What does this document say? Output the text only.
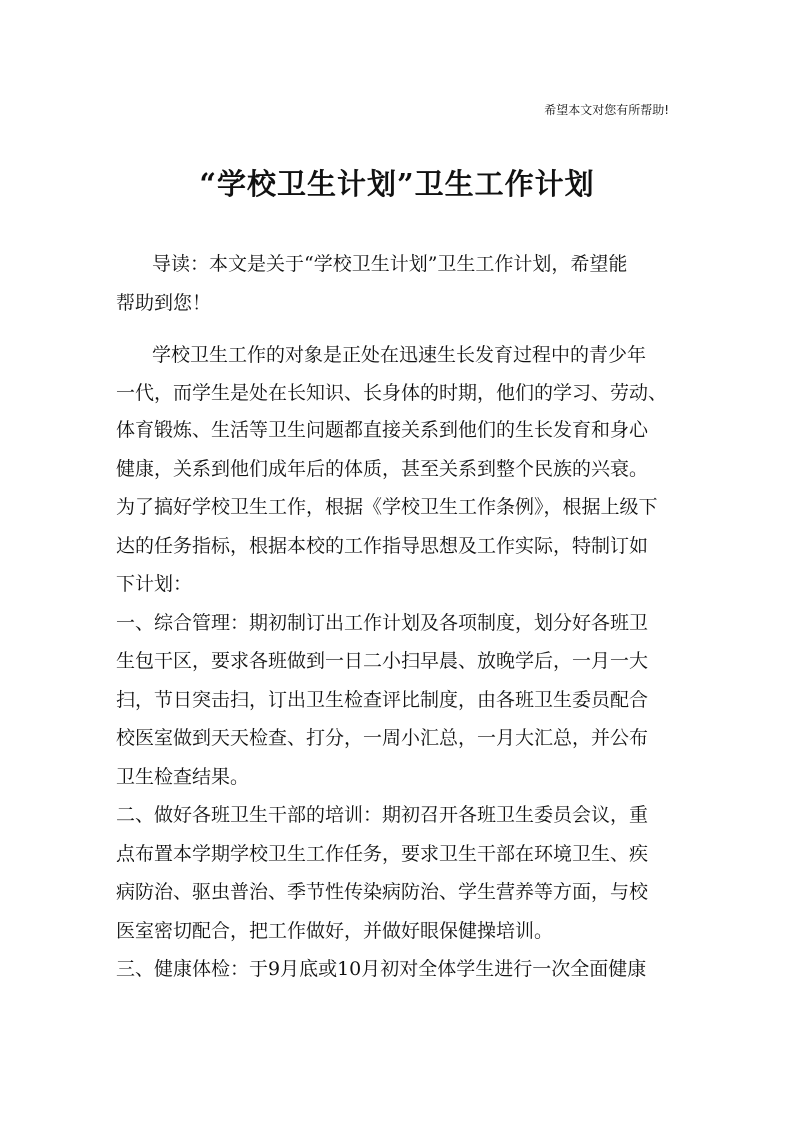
希望本文对您有所帮助!
“学校卫生计划”卫生工作计划
导读：本文是关于“学校卫生计划”卫生工作计划，希望能
帮助到您！
学校卫生工作的对象是正处在迅速生长发育过程中的青少年
一代，而学生是处在长知识、长身体的时期，他们的学习、劳动、
体育锻炼、生活等卫生问题都直接关系到他们的生长发育和身心
健康，关系到他们成年后的体质，甚至关系到整个民族的兴衰。
为了搞好学校卫生工作，根据《学校卫生工作条例》，根据上级下
达的任务指标，根据本校的工作指导思想及工作实际，特制订如
下计划：
一、综合管理：期初制订出工作计划及各项制度，划分好各班卫
生包干区，要求各班做到一日二小扫早晨、放晚学后，一月一大
扫，节日突击扫，订出卫生检查评比制度，由各班卫生委员配合
校医室做到天天检查、打分，一周小汇总，一月大汇总，并公布
卫生检查结果。
二、做好各班卫生干部的培训：期初召开各班卫生委员会议，重
点布置本学期学校卫生工作任务，要求卫生干部在环境卫生、疾
病防治、驱虫普治、季节性传染病防治、学生营养等方面，与校
医室密切配合，把工作做好，并做好眼保健操培训。
三、健康体检：于9月底或10月初对全体学生进行一次全面健康
